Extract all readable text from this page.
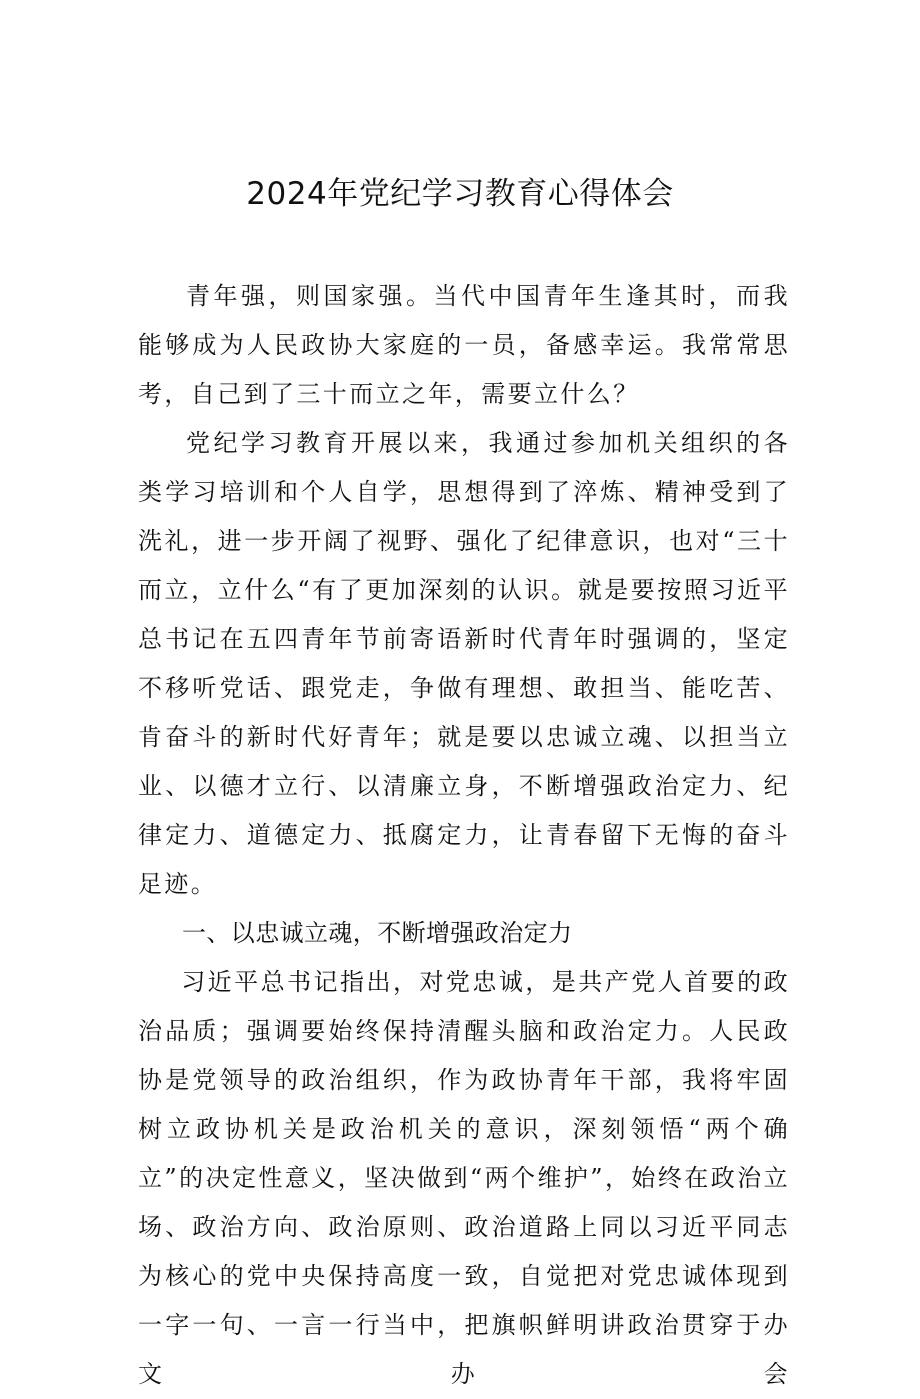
2024年党纪学习教育心得体会

青年强，则国家强。当代中国青年生逢其时，而我能够成为人民政协大家庭的一员，备感幸运。我常常思考，自己到了三十而立之年，需要立什么？

党纪学习教育开展以来，我通过参加机关组织的各类学习培训和个人自学，思想得到了淬炼、精神受到了洗礼，进一步开阔了视野、强化了纪律意识，也对“三十而立，立什么“有了更加深刻的认识。就是要按照习近平总书记在五四青年节前寄语新时代青年时强调的，坚定不移听党话、跟党走，争做有理想、敢担当、能吃苦、肯奋斗的新时代好青年；就是要以忠诚立魂、以担当立业、以德才立行、以清廉立身，不断增强政治定力、纪律定力、道德定力、抵腐定力，让青春留下无悔的奋斗足迹。

一、以忠诚立魂，不断增强政治定力

习近平总书记指出，对党忠诚，是共产党人首要的政治品质；强调要始终保持清醒头脑和政治定力。人民政协是党领导的政治组织，作为政协青年干部，我将牢固树立政协机关是政治机关的意识，深刻领悟“两个确立”的决定性意义，坚决做到“两个维护”，始终在政治立场、政治方向、政治原则、政治道路上同以习近平同志为核心的党中央保持高度一致，自觉把对党忠诚体现到一字一句、一言一行当中，把旗帜鲜明讲政治贯穿于办文办会
